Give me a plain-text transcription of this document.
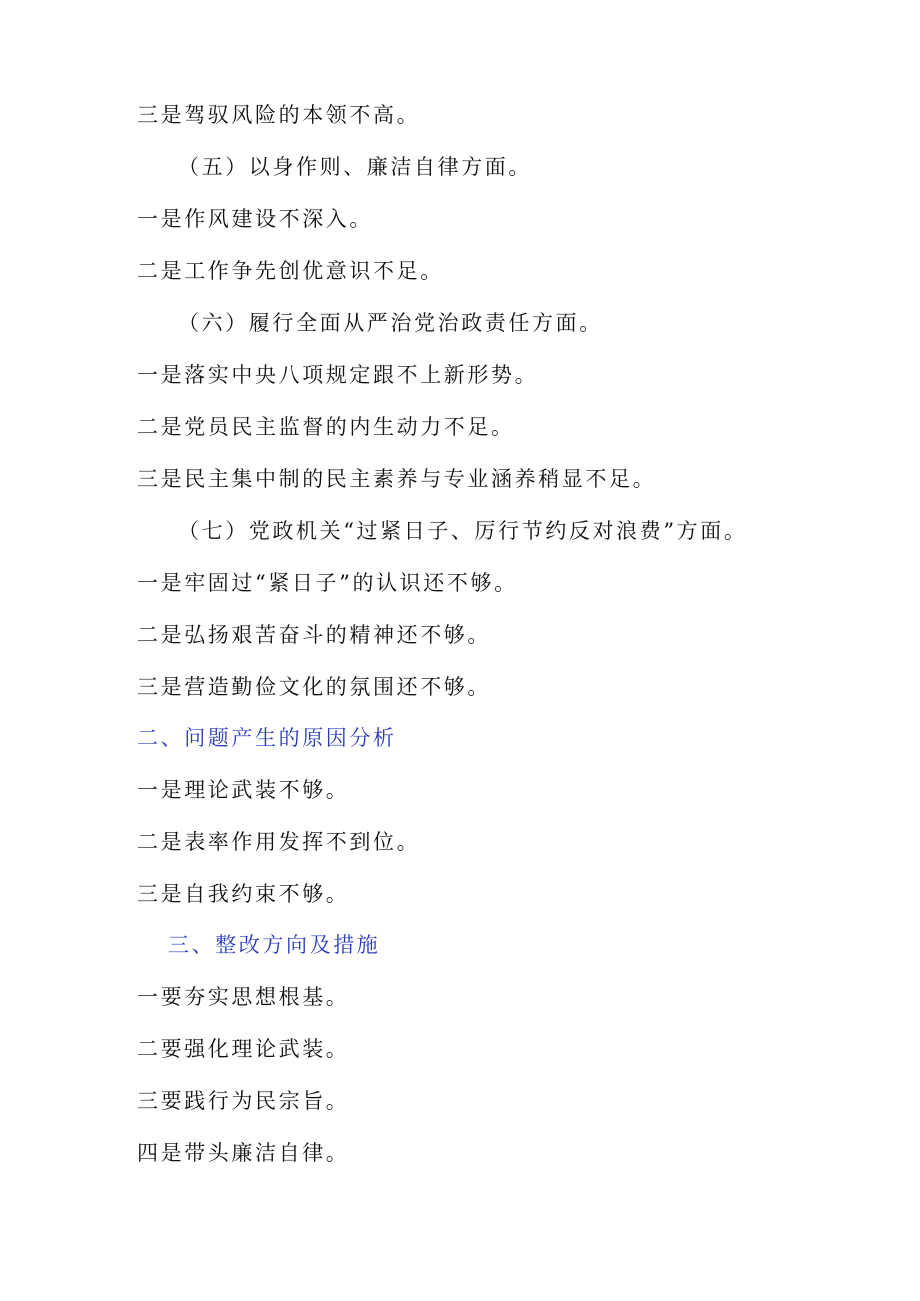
三是驾驭风险的本领不高。
（五）以身作则、廉洁自律方面。
一是作风建设不深入。
二是工作争先创优意识不足。
（六）履行全面从严治党治政责任方面。
一是落实中央八项规定跟不上新形势。
二是党员民主监督的内生动力不足。
三是民主集中制的民主素养与专业涵养稍显不足。
（七）党政机关“过紧日子、厉行节约反对浪费”方面。
一是牢固过“紧日子”的认识还不够。
二是弘扬艰苦奋斗的精神还不够。
三是营造勤俭文化的氛围还不够。
二、问题产生的原因分析
一是理论武装不够。
二是表率作用发挥不到位。
三是自我约束不够。
三、整改方向及措施
一要夯实思想根基。
二要强化理论武装。
三要践行为民宗旨。
四是带头廉洁自律。
